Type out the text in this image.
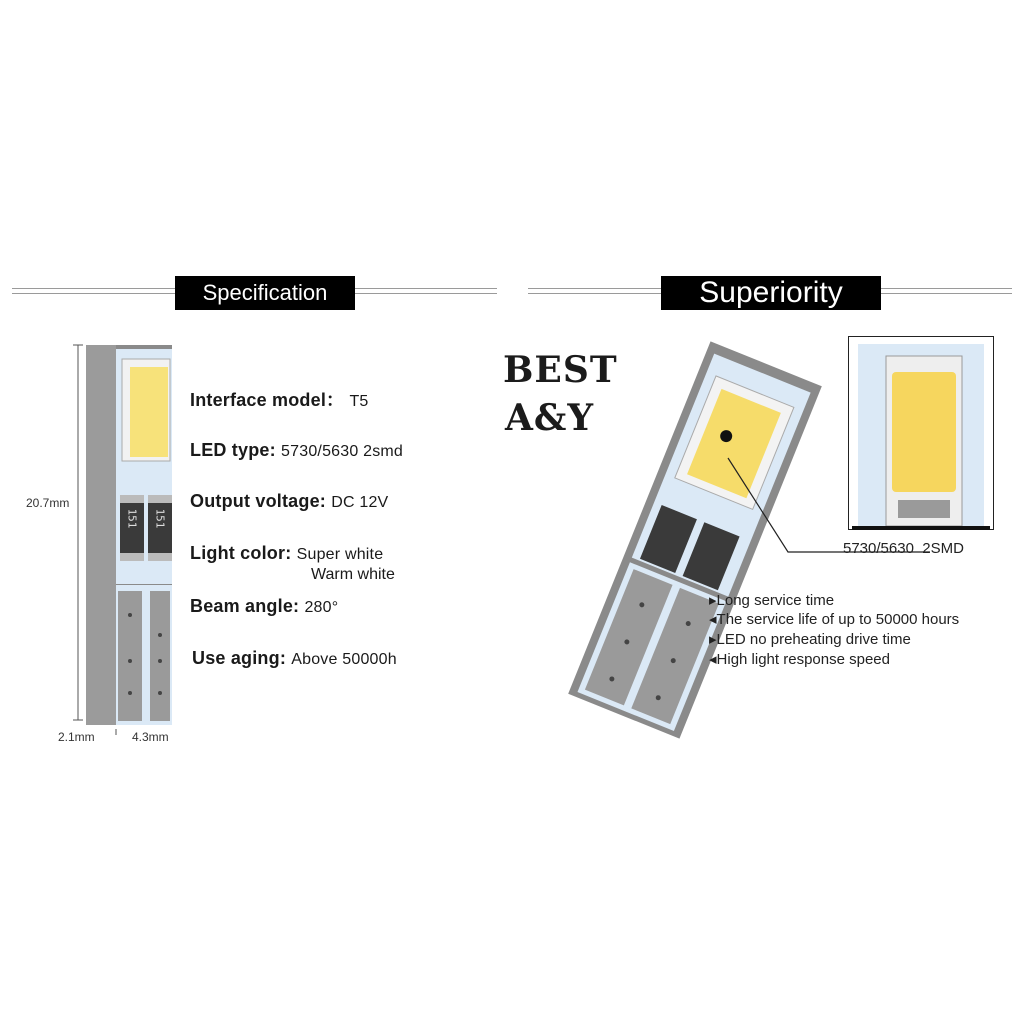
Specification
151 151
20.7mm
2.1mm	4.3mm
Interface model： T5
LED type: 5730/5630 2smd
Output voltage: DC 12V
Light color: Super white
Warm white
Beam angle: 280°
Use aging: Above 50000h
Superiority
BEST
A&Y
5730/5630 2SMD
▸Long service time
◂The service life of up to 50000 hours
▸LED no preheating drive time
◂High light response speed
